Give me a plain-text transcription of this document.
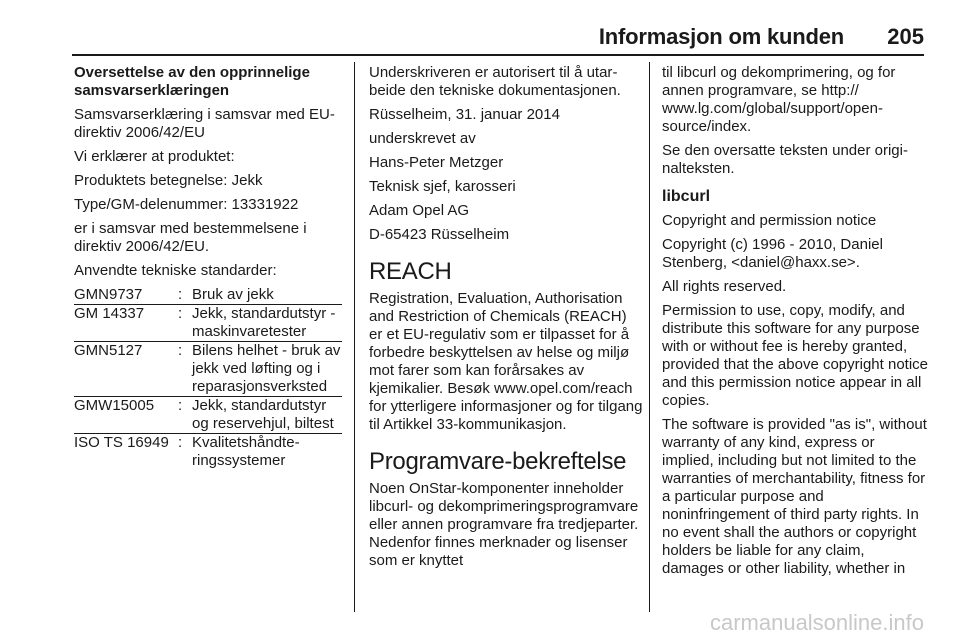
Informasjon om kunden 205

Oversettelse av den opprinnelige samsvarserklæringen

Samsvarserklæring i samsvar med EU-direktiv 2006/42/EU

Vi erklærer at produktet:

Produktets betegnelse: Jekk

Type/GM-delenummer: 13331922

er i samsvar med bestemmelsene i direktiv 2006/42/EU.

Anvendte tekniske standarder:

GMN9737	:	Bruk av jekk
GM 14337	:	Jekk, standardutstyr - maskinvaretester
GMN5127	:	Bilens helhet - bruk av jekk ved løfting og i reparasjonsverksted
GMW15005	:	Jekk, standardutstyr og reservehjul, biltest
ISO TS 16949	:	Kvalitetshåndteringssystemer

Underskriveren er autorisert til å utarbeide den tekniske dokumentasjonen.

Rüsselheim, 31. januar 2014

underskrevet av

Hans-Peter Metzger

Teknisk sjef, karosseri

Adam Opel AG

D-65423 Rüsselheim

REACH

Registration, Evaluation, Authorisation and Restriction of Chemicals (REACH) er et EU-regulativ som er tilpasset for å forbedre beskyttelsen av helse og miljø mot farer som kan forårsakes av kjemikalier. Besøk www.opel.com/reach for ytterligere informasjoner og for tilgang til Artikkel 33-kommunikasjon.

Programvare-bekreftelse

Noen OnStar-komponenter inneholder libcurl- og dekomprimeringsprogramvare eller annen programvare fra tredjeparter. Nedenfor finnes merknader og lisenser som er knyttet

til libcurl og dekomprimering, og for annen programvare, se http:// www.lg.com/global/support/opensource/index.

Se den oversatte teksten under originalteksten.

libcurl

Copyright and permission notice

Copyright (c) 1996 - 2010, Daniel Stenberg, <daniel@haxx.se>.

All rights reserved.

Permission to use, copy, modify, and distribute this software for any purpose with or without fee is hereby granted, provided that the above copyright notice and this permission notice appear in all copies.

The software is provided "as is", without warranty of any kind, express or implied, including but not limited to the warranties of merchantability, fitness for a particular purpose and noninfringement of third party rights. In no event shall the authors or copyright holders be liable for any claim, damages or other liability, whether in

carmanualsonline.info
